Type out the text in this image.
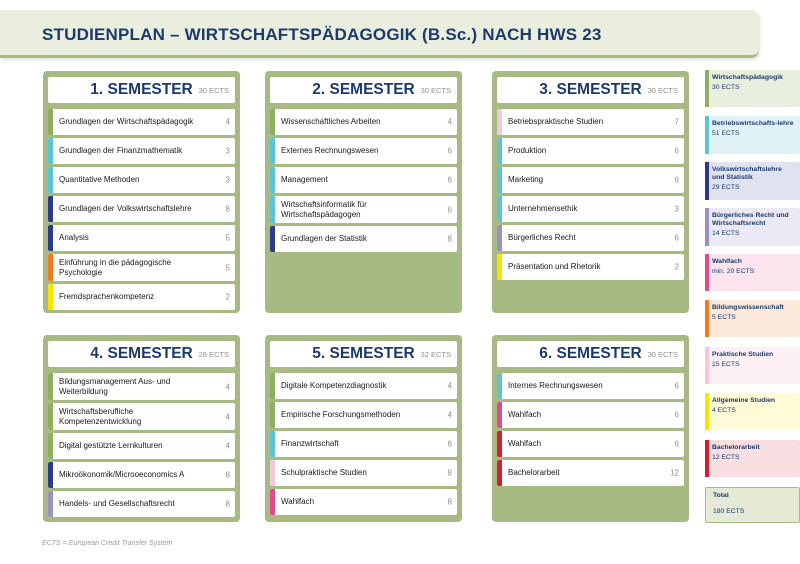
STUDIENPLAN – WIRTSCHAFTSPÄDAGOGIK (B.Sc.) NACH HWS 23
1. SEMESTER 30 ECTS
Grundlagen der Wirtschaftspädagogik	4
Grundlagen der Finanzmathematik	3
Quantitative Methoden	3
Grundlagen der Volkswirtschaftslehre	8
Analysis	5
Einführung in die pädagogische Psychologie	5
Fremdsprachenkompetenz	2
2. SEMESTER 30 ECTS
Wissenschaftliches Arbeiten	4
Externes Rechnungswesen	6
Management	6
Wirtschaftsinformatik für Wirtschaftspädagogen	6
Grundlagen der Statistik	8
3. SEMESTER 30 ECTS
Betriebspraktische Studien	7
Produktion	6
Marketing	6
Unternehmensethik	3
Bürgerliches Recht	6
Präsentation und Rhetorik	2
4. SEMESTER 28 ECTS
Bildungsmanagement Aus- und Weiterbildung	4
Wirtschaftsberufliche Kompetenzentwicklung	4
Digital gestützte Lernkulturen	4
Mikroökonomik/Microoeconomics A	8
Handels- und Gesellschaftsrecht	8
5. SEMESTER 32 ECTS
Digitale Kompetenzdiagnostik	4
Empirische Forschungsmethoden	4
Finanzwirtschaft	6
Schulpraktische Studien	8
Wahlfach	8
6. SEMESTER 30 ECTS
Internes Rechnungswesen	6
Wahlfach	6
Wahlfach	6
Bachelorarbeit	12
Wirtschaftspädagogik
30 ECTS
Betriebswirtschafts-lehre
51 ECTS
Volkswirtschaftslehre und Statistik
29 ECTS
Bürgerliches Recht und Wirtschaftsrecht
14 ECTS
Wahlfach
min. 20 ECTS
Bildungswissenschaft
5 ECTS
Praktische Studien
15 ECTS
Allgemeine Studien
4 ECTS
Bachelorarbeit
12 ECTS
Total
180 ECTS
ECTS = European Credit Transfer System
